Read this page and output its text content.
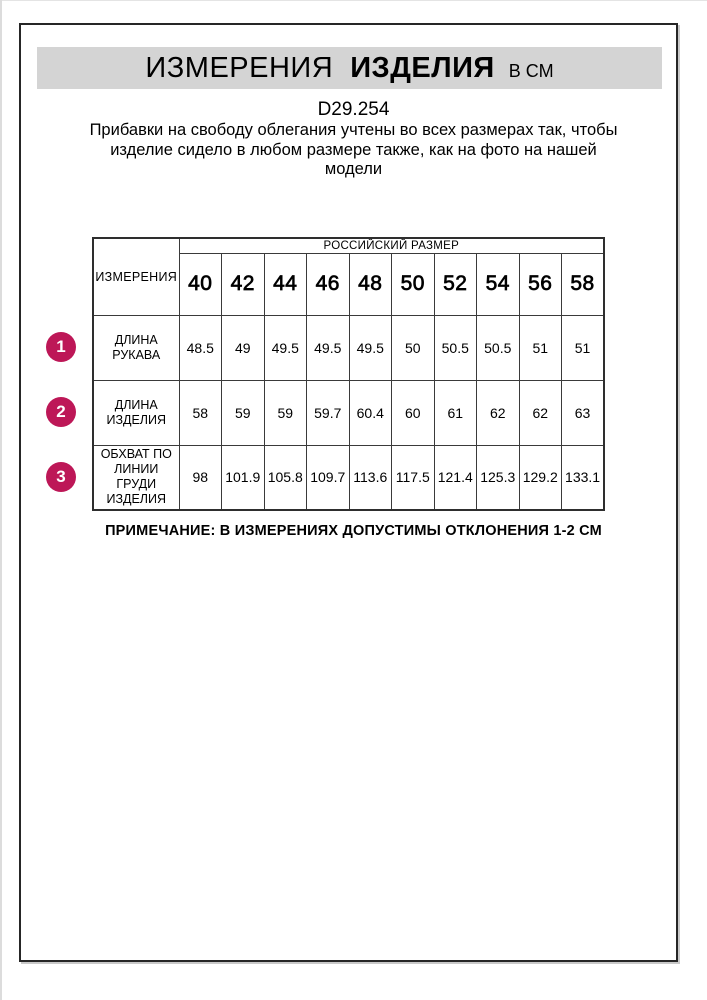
ИЗМЕРЕНИЯ ИЗДЕЛИЯ В СМ
D29.254
Прибавки на свободу облегания учтены во всех размерах так, чтобы изделие сидело в любом размере также, как на фото на нашей модели
ИЗМЕРЕНИЯ	РОССИЙСКИЙ РАЗМЕР									
	40	42	44	46	48	50	52	54	56	58
ДЛИНА РУКАВА	48.5	49	49.5	49.5	49.5	50	50.5	50.5	51	51
ДЛИНА ИЗДЕЛИЯ	58	59	59	59.7	60.4	60	61	62	62	63
ОБХВАТ ПО ЛИНИИ ГРУДИ ИЗДЕЛИЯ	98	101.9	105.8	109.7	113.6	117.5	121.4	125.3	129.2	133.1
1
2
3
ПРИМЕЧАНИЕ: В ИЗМЕРЕНИЯХ ДОПУСТИМЫ ОТКЛОНЕНИЯ 1-2 СМ
